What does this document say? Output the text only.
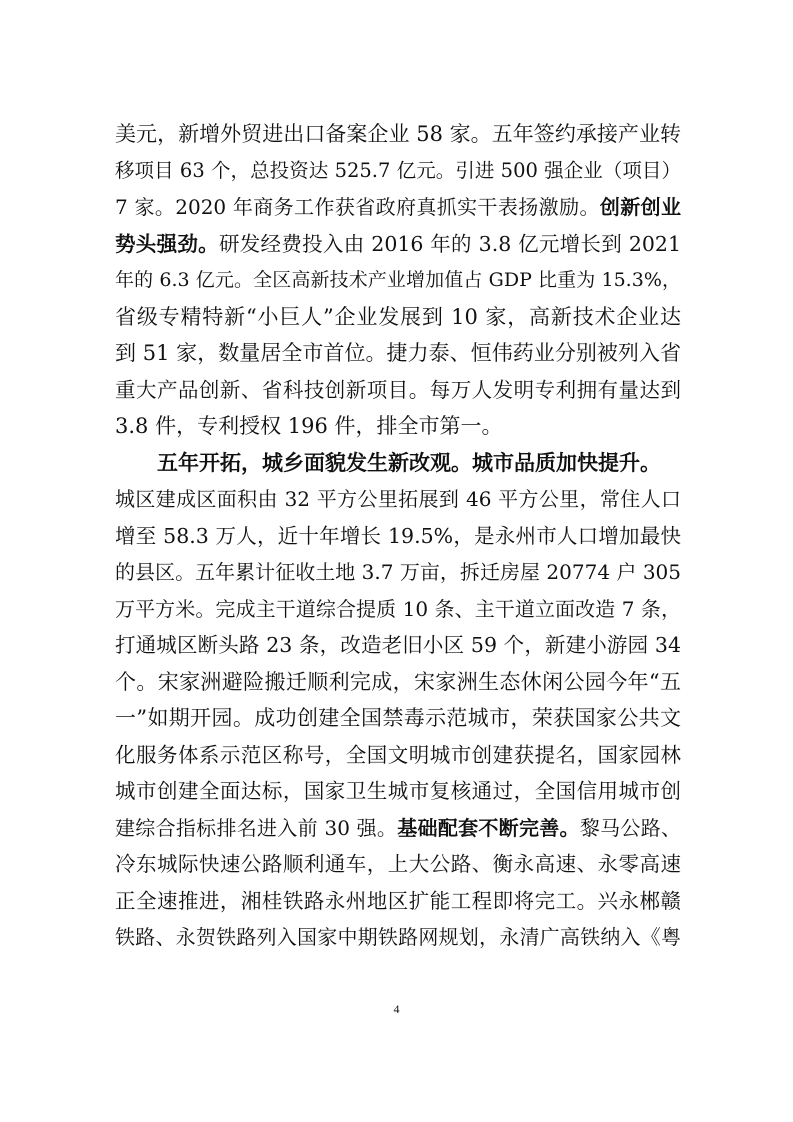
美元，新增外贸进出口备案企业 58 家。五年签约承接产业转
移项目 63 个，总投资达 525.7 亿元。引进 500 强企业（项目）
7 家。2020 年商务工作获省政府真抓实干表扬激励。创新创业
势头强劲。研发经费投入由 2016 年的 3.8 亿元增长到 2021
年的 6.3 亿元。全区高新技术产业增加值占 GDP 比重为 15.3%，
省级专精特新“小巨人”企业发展到 10 家，高新技术企业达
到 51 家，数量居全市首位。捷力泰、恒伟药业分别被列入省
重大产品创新、省科技创新项目。每万人发明专利拥有量达到
3.8 件，专利授权 196 件，排全市第一。
五年开拓，城乡面貌发生新改观。城市品质加快提升。
城区建成区面积由 32 平方公里拓展到 46 平方公里，常住人口
增至 58.3 万人，近十年增长 19.5%，是永州市人口增加最快
的县区。五年累计征收土地 3.7 万亩，拆迁房屋 20774 户 305
万平方米。完成主干道综合提质 10 条、主干道立面改造 7 条，
打通城区断头路 23 条，改造老旧小区 59 个，新建小游园 34
个。宋家洲避险搬迁顺利完成，宋家洲生态休闲公园今年“五
一”如期开园。成功创建全国禁毒示范城市，荣获国家公共文
化服务体系示范区称号，全国文明城市创建获提名，国家园林
城市创建全面达标，国家卫生城市复核通过，全国信用城市创
建综合指标排名进入前 30 强。基础配套不断完善。黎马公路、
冷东城际快速公路顺利通车，上大公路、衡永高速、永零高速
正全速推进，湘桂铁路永州地区扩能工程即将完工。兴永郴赣
铁路、永贺铁路列入国家中期铁路网规划，永清广高铁纳入《粤
4
